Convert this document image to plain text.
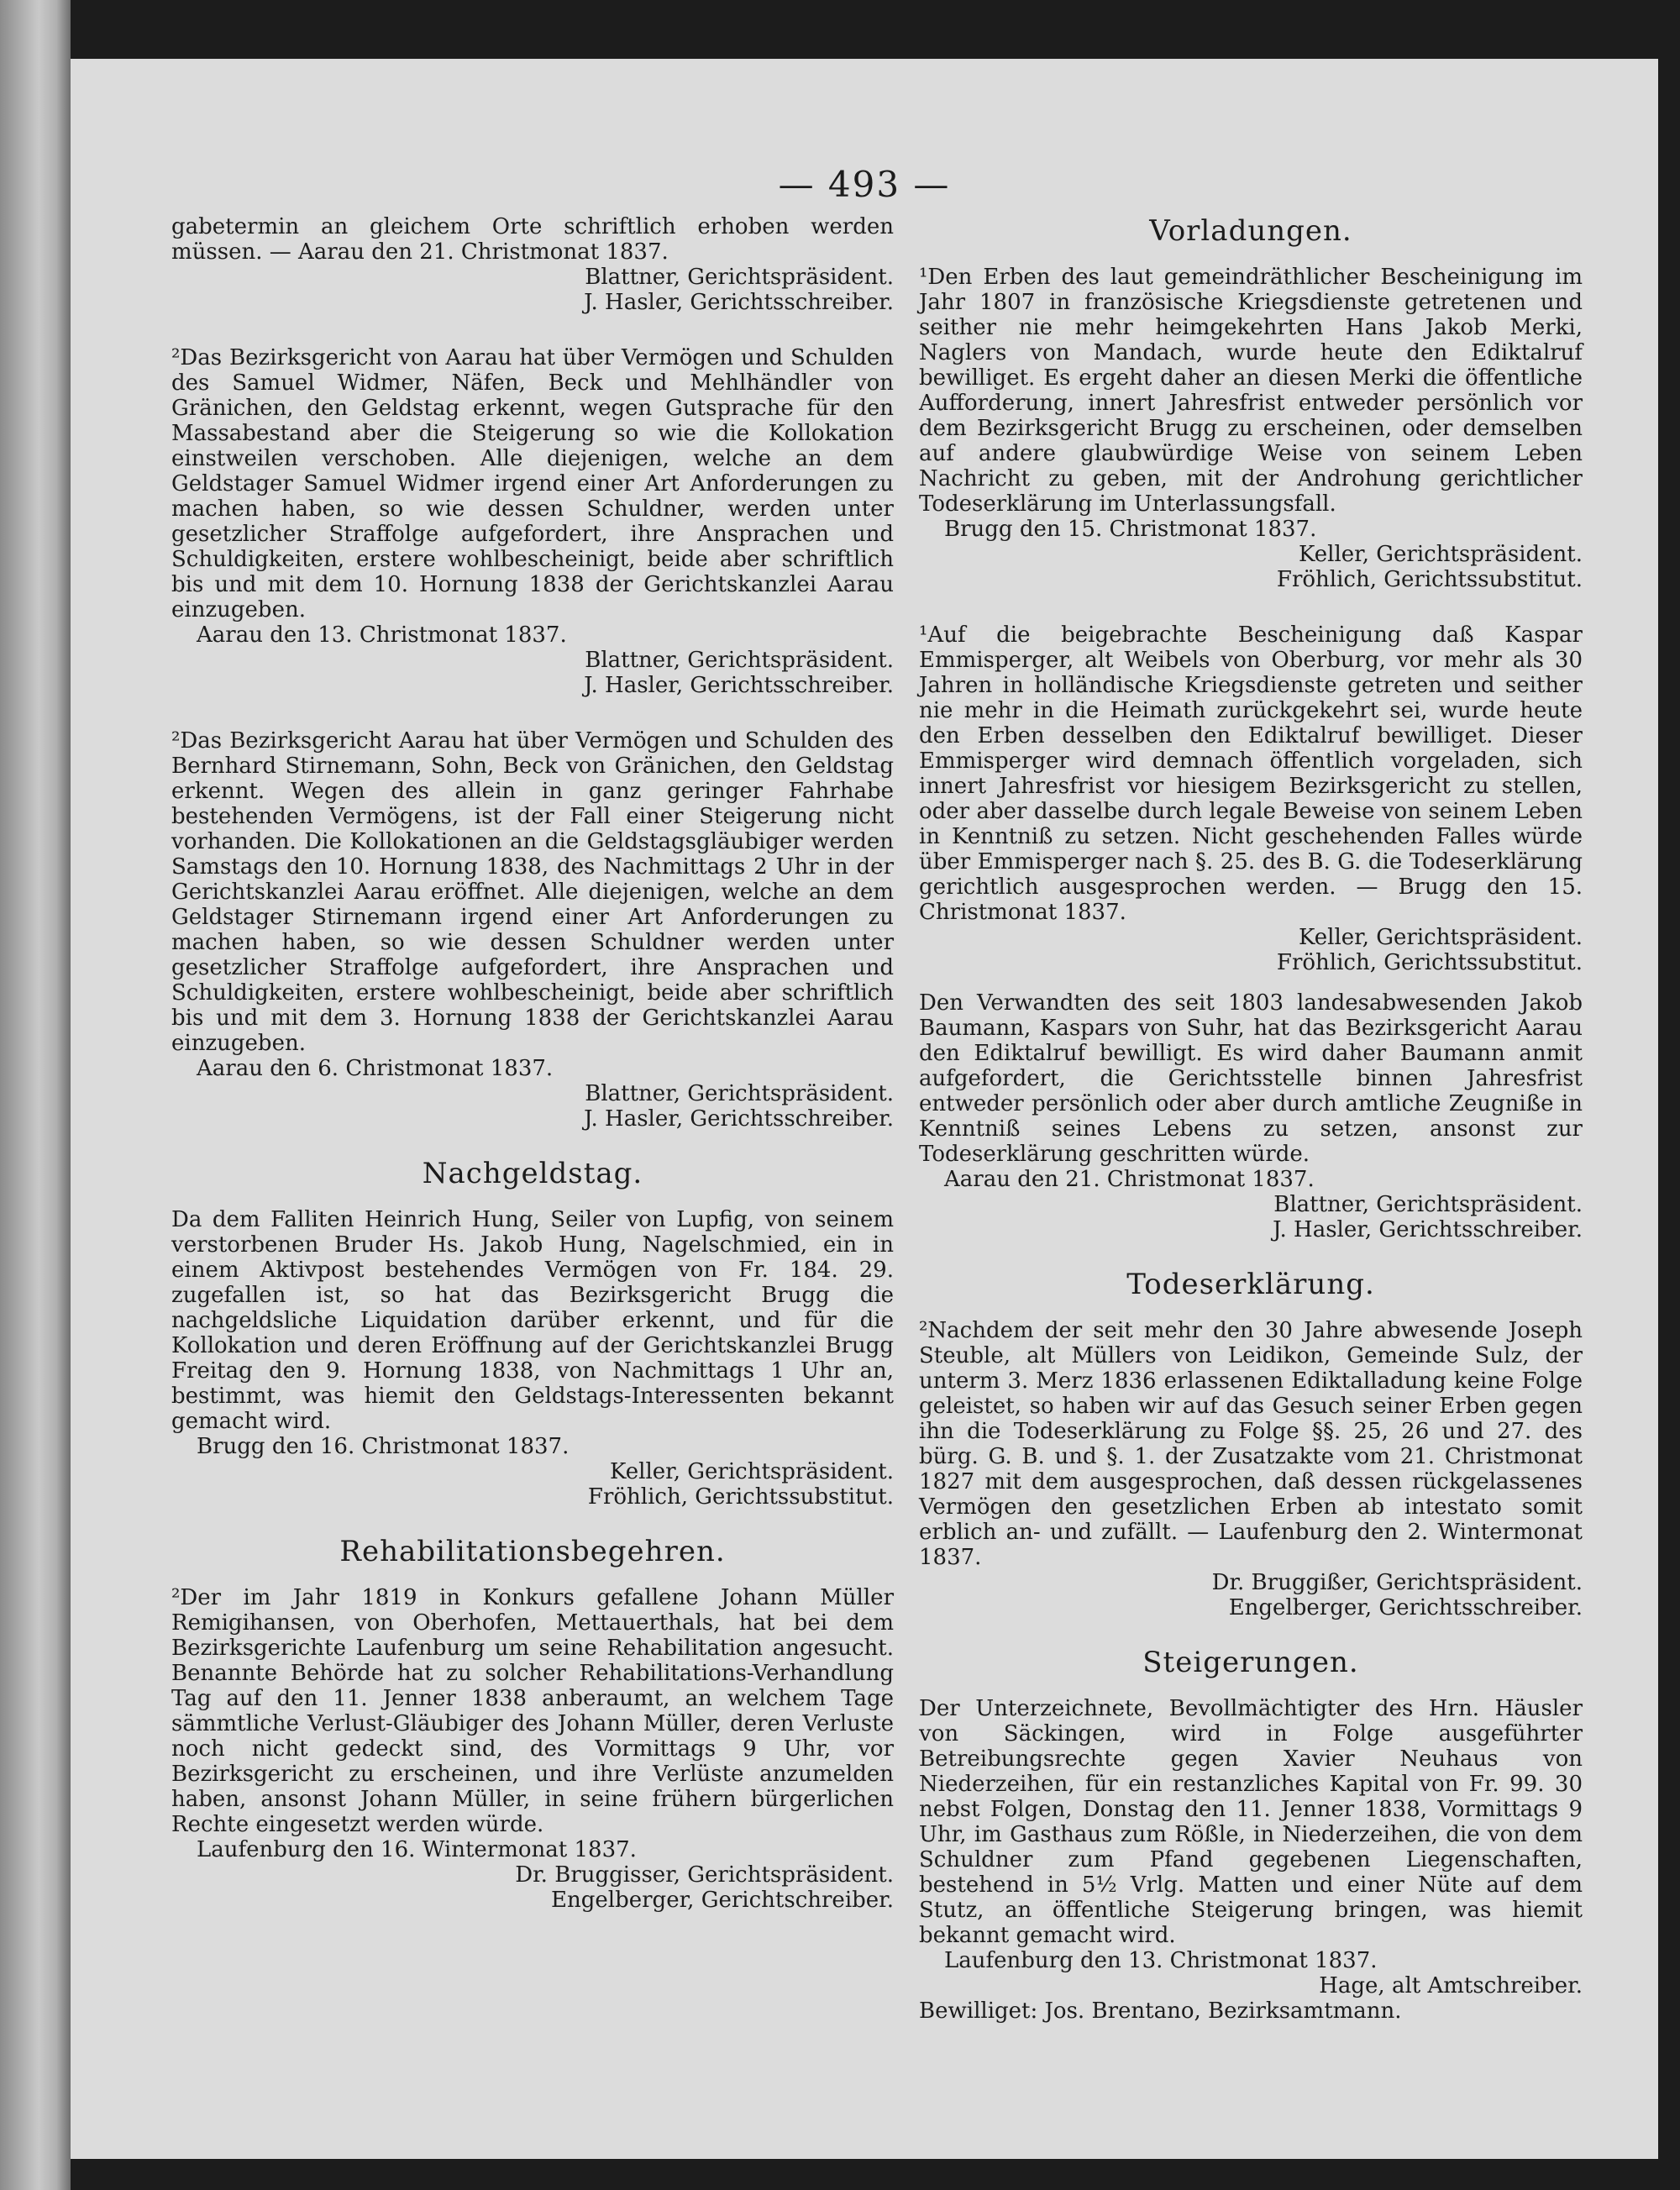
— 493 —

gabetermin an gleichem Orte schriftlich erhoben werden müssen. — Aarau den 21. Christmonat 1837.

Blattner, Gerichtspräsident.

J. Hasler, Gerichtsschreiber.

²Das Bezirksgericht von Aarau hat über Vermögen und Schulden des Samuel Widmer, Näfen, Beck und Mehlhändler von Gränichen, den Geldstag erkennt, wegen Gutsprache für den Massabestand aber die Steigerung so wie die Kollokation einstweilen verschoben. Alle diejenigen, welche an dem Geldstager Samuel Widmer irgend einer Art Anforderungen zu machen haben, so wie dessen Schuldner, werden unter gesetzlicher Straffolge aufgefordert, ihre Ansprachen und Schuldigkeiten, erstere wohlbescheinigt, beide aber schriftlich bis und mit dem 10. Hornung 1838 der Gerichtskanzlei Aarau einzugeben.

Aarau den 13. Christmonat 1837.

Blattner, Gerichtspräsident.

J. Hasler, Gerichtsschreiber.

²Das Bezirksgericht Aarau hat über Vermögen und Schulden des Bernhard Stirnemann, Sohn, Beck von Gränichen, den Geldstag erkennt. Wegen des allein in ganz geringer Fahrhabe bestehenden Vermögens, ist der Fall einer Steigerung nicht vorhanden. Die Kollokationen an die Geldstagsgläubiger werden Samstags den 10. Hornung 1838, des Nachmittags 2 Uhr in der Gerichtskanzlei Aarau eröffnet. Alle diejenigen, welche an dem Geldstager Stirnemann irgend einer Art Anforderungen zu machen haben, so wie dessen Schuldner werden unter gesetzlicher Straffolge aufgefordert, ihre Ansprachen und Schuldigkeiten, erstere wohlbescheinigt, beide aber schriftlich bis und mit dem 3. Hornung 1838 der Gerichtskanzlei Aarau einzugeben.

Aarau den 6. Christmonat 1837.

Blattner, Gerichtspräsident.

J. Hasler, Gerichtsschreiber.

Nachgeldstag.

Da dem Falliten Heinrich Hung, Seiler von Lupfig, von seinem verstorbenen Bruder Hs. Jakob Hung, Nagelschmied, ein in einem Aktivpost bestehendes Vermögen von Fr. 184. 29. zugefallen ist, so hat das Bezirksgericht Brugg die nachgeldsliche Liquidation darüber erkennt, und für die Kollokation und deren Eröffnung auf der Gerichtskanzlei Brugg Freitag den 9. Hornung 1838, von Nachmittags 1 Uhr an, bestimmt, was hiemit den Geldstags-Interessenten bekannt gemacht wird.

Brugg den 16. Christmonat 1837.

Keller, Gerichtspräsident.

Fröhlich, Gerichtssubstitut.

Rehabilitationsbegehren.

²Der im Jahr 1819 in Konkurs gefallene Johann Müller Remigihansen, von Oberhofen, Mettauerthals, hat bei dem Bezirksgerichte Laufenburg um seine Rehabilitation angesucht. Benannte Behörde hat zu solcher Rehabilitations-Verhandlung Tag auf den 11. Jenner 1838 anberaumt, an welchem Tage sämmtliche Verlust-Gläubiger des Johann Müller, deren Verluste noch nicht gedeckt sind, des Vormittags 9 Uhr, vor Bezirksgericht zu erscheinen, und ihre Verlüste anzumelden haben, ansonst Johann Müller, in seine frühern bürgerlichen Rechte eingesetzt werden würde.

Laufenburg den 16. Wintermonat 1837.

Dr. Bruggisser, Gerichtspräsident.

Engelberger, Gerichtschreiber.

Vorladungen.

¹Den Erben des laut gemeindräthlicher Bescheinigung im Jahr 1807 in französische Kriegsdienste getretenen und seither nie mehr heimgekehrten Hans Jakob Merki, Naglers von Mandach, wurde heute den Ediktalruf bewilliget. Es ergeht daher an diesen Merki die öffentliche Aufforderung, innert Jahresfrist entweder persönlich vor dem Bezirksgericht Brugg zu erscheinen, oder demselben auf andere glaubwürdige Weise von seinem Leben Nachricht zu geben, mit der Androhung gerichtlicher Todeserklärung im Unterlassungsfall.

Brugg den 15. Christmonat 1837.

Keller, Gerichtspräsident.

Fröhlich, Gerichtssubstitut.

¹Auf die beigebrachte Bescheinigung daß Kaspar Emmisperger, alt Weibels von Oberburg, vor mehr als 30 Jahren in holländische Kriegsdienste getreten und seither nie mehr in die Heimath zurückgekehrt sei, wurde heute den Erben desselben den Ediktalruf bewilliget. Dieser Emmisperger wird demnach öffentlich vorgeladen, sich innert Jahresfrist vor hiesigem Bezirksgericht zu stellen, oder aber dasselbe durch legale Beweise von seinem Leben in Kenntniß zu setzen. Nicht geschehenden Falles würde über Emmisperger nach §. 25. des B. G. die Todeserklärung gerichtlich ausgesprochen werden. — Brugg den 15. Christmonat 1837.

Keller, Gerichtspräsident.

Fröhlich, Gerichtssubstitut.

Den Verwandten des seit 1803 landesabwesenden Jakob Baumann, Kaspars von Suhr, hat das Bezirksgericht Aarau den Ediktalruf bewilligt. Es wird daher Baumann anmit aufgefordert, die Gerichtsstelle binnen Jahresfrist entweder persönlich oder aber durch amtliche Zeugniße in Kenntniß seines Lebens zu setzen, ansonst zur Todeserklärung geschritten würde.

Aarau den 21. Christmonat 1837.

Blattner, Gerichtspräsident.

J. Hasler, Gerichtsschreiber.

Todeserklärung.

²Nachdem der seit mehr den 30 Jahre abwesende Joseph Steuble, alt Müllers von Leidikon, Gemeinde Sulz, der unterm 3. Merz 1836 erlassenen Ediktalladung keine Folge geleistet, so haben wir auf das Gesuch seiner Erben gegen ihn die Todeserklärung zu Folge §§. 25, 26 und 27. des bürg. G. B. und §. 1. der Zusatzakte vom 21. Christmonat 1827 mit dem ausgesprochen, daß dessen rückgelassenes Vermögen den gesetzlichen Erben ab intestato somit erblich an- und zufällt. — Laufenburg den 2. Wintermonat 1837.

Dr. Bruggißer, Gerichtspräsident.

Engelberger, Gerichtsschreiber.

Steigerungen.

Der Unterzeichnete, Bevollmächtigter des Hrn. Häusler von Säckingen, wird in Folge ausgeführter Betreibungsrechte gegen Xavier Neuhaus von Niederzeihen, für ein restanzliches Kapital von Fr. 99. 30 nebst Folgen, Donstag den 11. Jenner 1838, Vormittags 9 Uhr, im Gasthaus zum Rößle, in Niederzeihen, die von dem Schuldner zum Pfand gegebenen Liegenschaften, bestehend in 5½ Vrlg. Matten und einer Nüte auf dem Stutz, an öffentliche Steigerung bringen, was hiemit bekannt gemacht wird.

Laufenburg den 13. Christmonat 1837.

Hage, alt Amtschreiber.

Bewilliget: Jos. Brentano, Bezirksamtmann.
